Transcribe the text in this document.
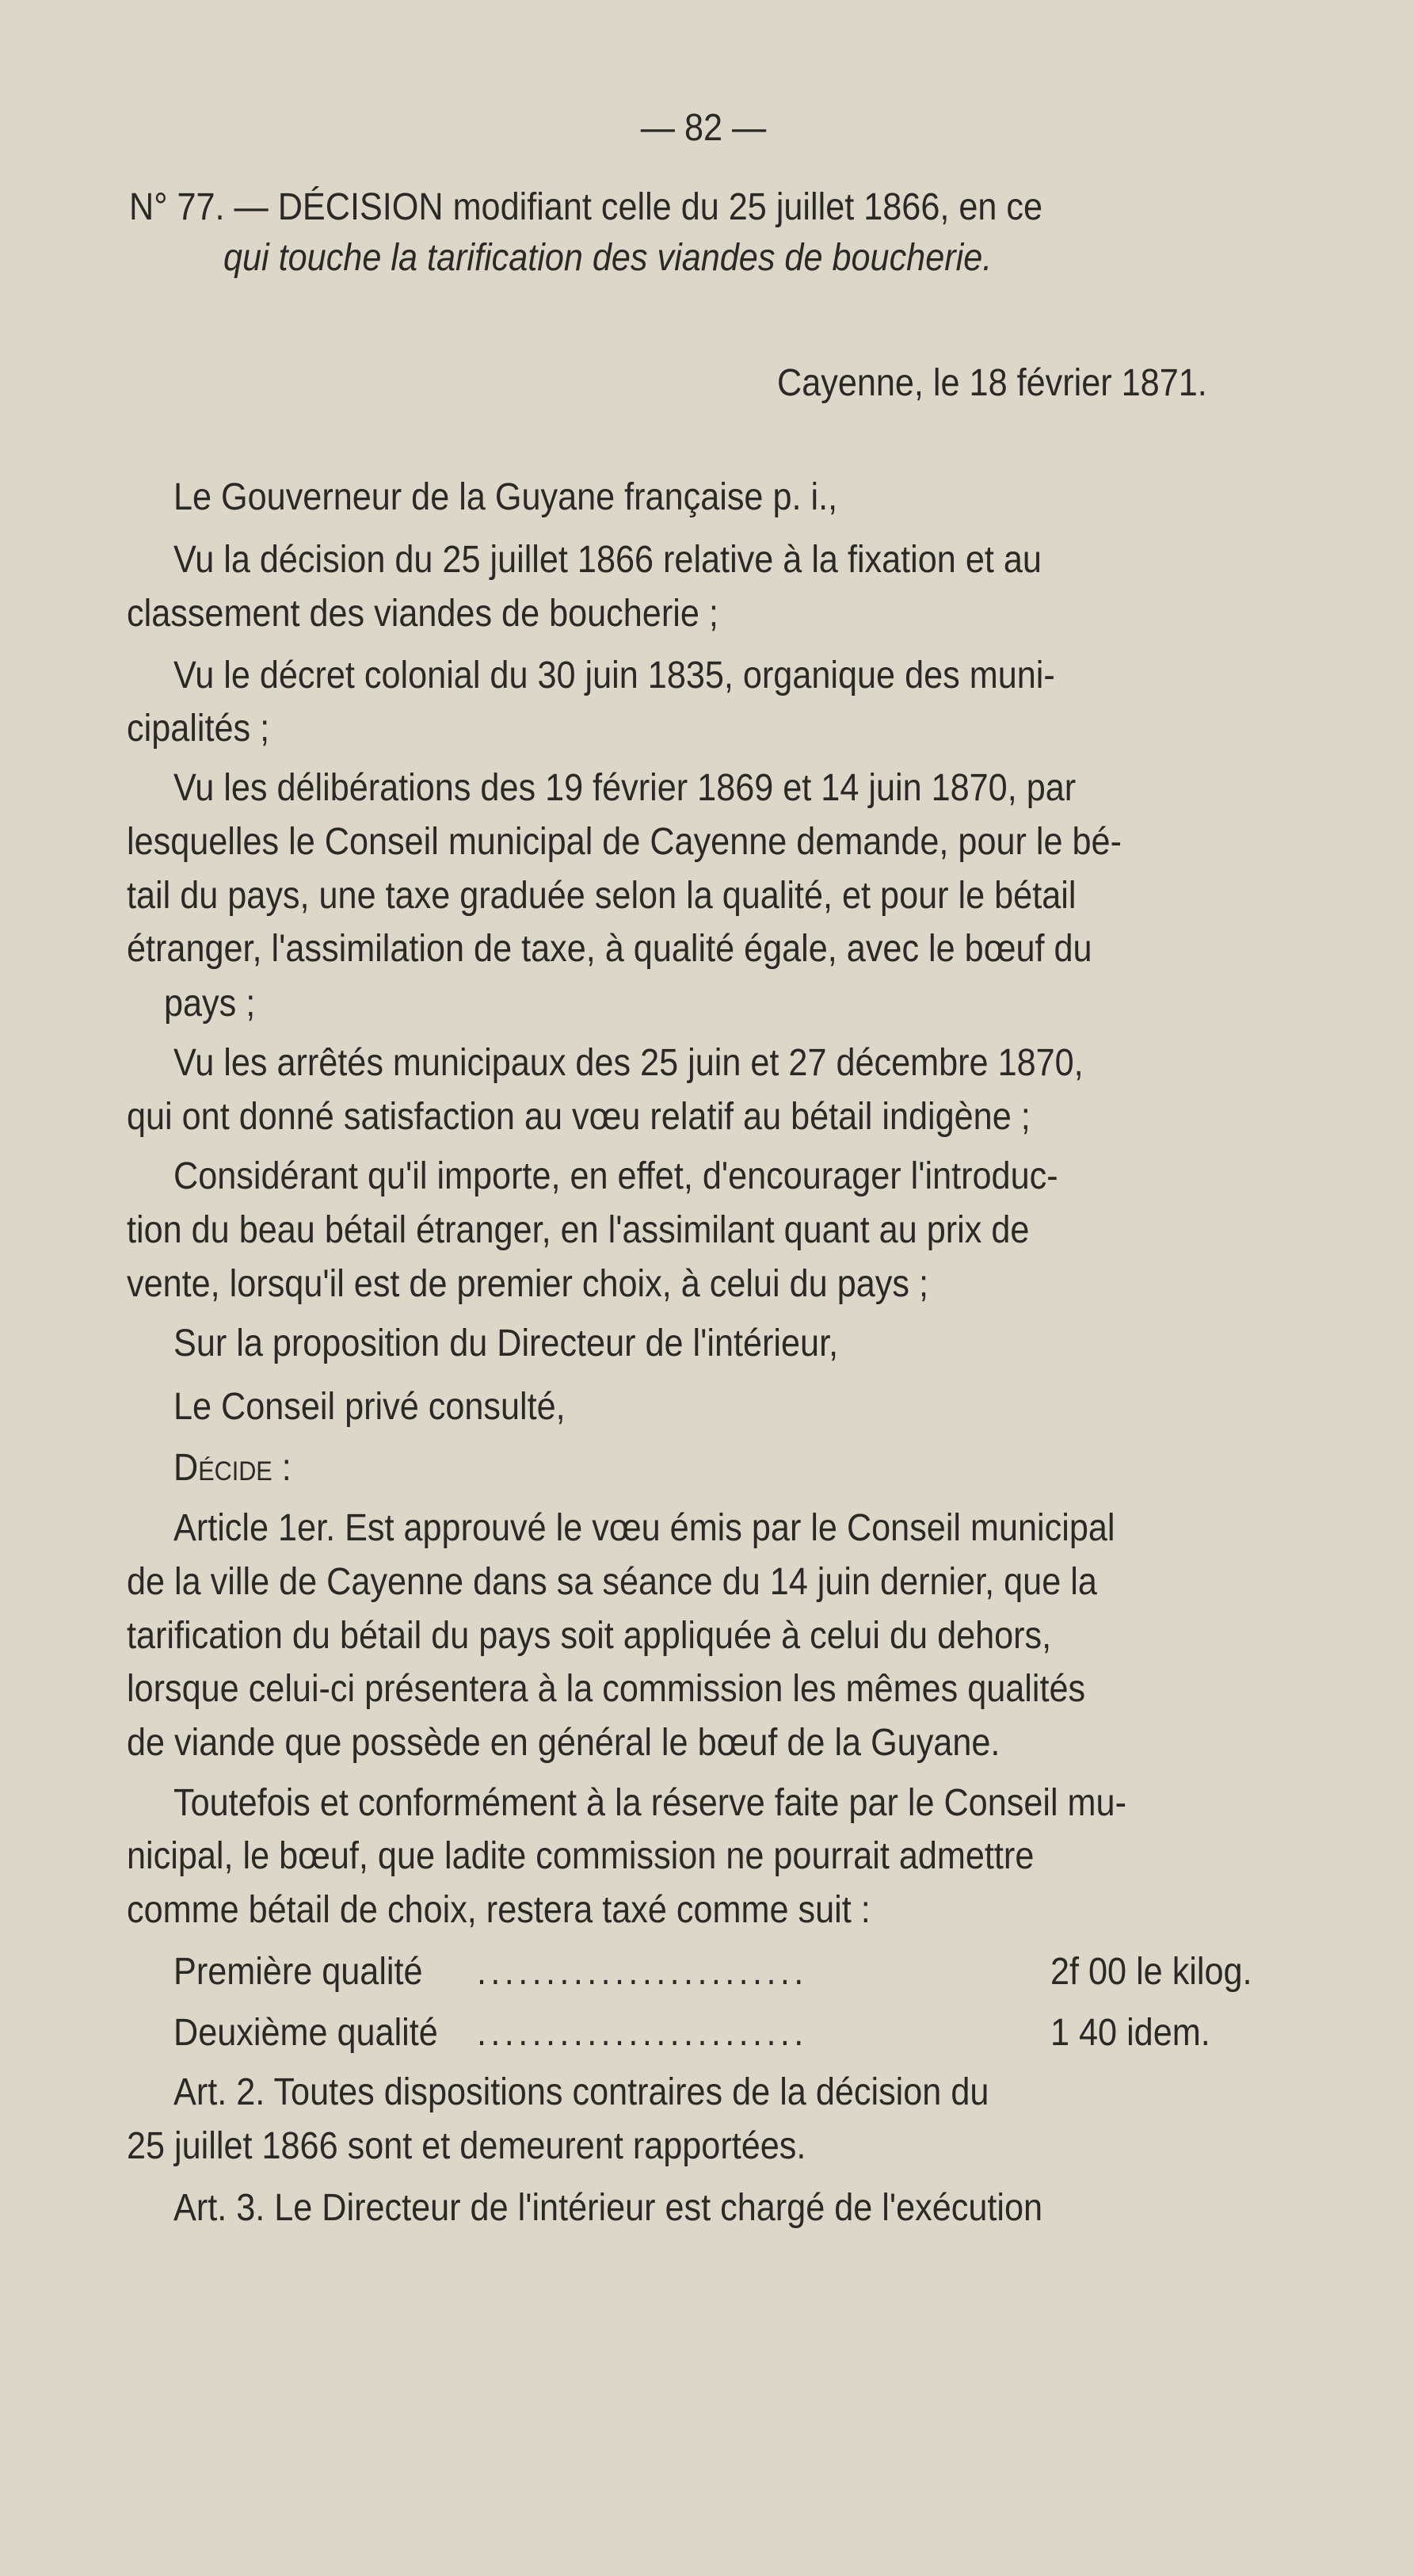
— 82 —
N° 77. — DÉCISION modifiant celle du 25 juillet 1866, en ce
qui touche la tarification des viandes de boucherie.
Cayenne, le 18 février 1871.
Le Gouverneur de la Guyane française p. i.,
Vu la décision du 25 juillet 1866 relative à la fixation et au
classement des viandes de boucherie ;
Vu le décret colonial du 30 juin 1835, organique des muni-
cipalités ;
Vu les délibérations des 19 février 1869 et 14 juin 1870, par
lesquelles le Conseil municipal de Cayenne demande, pour le bé-
tail du pays, une taxe graduée selon la qualité, et pour le bétail
étranger, l'assimilation de taxe, à qualité égale, avec le bœuf du
pays ;
Vu les arrêtés municipaux des 25 juin et 27 décembre 1870,
qui ont donné satisfaction au vœu relatif au bétail indigène ;
Considérant qu'il importe, en effet, d'encourager l'introduc-
tion du beau bétail étranger, en l'assimilant quant au prix de
vente, lorsqu'il est de premier choix, à celui du pays ;
Sur la proposition du Directeur de l'intérieur,
Le Conseil privé consulté,
Décide :
Article 1er. Est approuvé le vœu émis par le Conseil municipal
de la ville de Cayenne dans sa séance du 14 juin dernier, que la
tarification du bétail du pays soit appliquée à celui du dehors,
lorsque celui-ci présentera à la commission les mêmes qualités
de viande que possède en général le bœuf de la Guyane.
Toutefois et conformément à la réserve faite par le Conseil mu-
nicipal, le bœuf, que ladite commission ne pourrait admettre
comme bétail de choix, restera taxé comme suit :
Première qualité ........................	2f 00 le kilog.
Deuxième qualité ........................	1 40 idem.
Art. 2. Toutes dispositions contraires de la décision du
25 juillet 1866 sont et demeurent rapportées.
Art. 3. Le Directeur de l'intérieur est chargé de l'exécution
